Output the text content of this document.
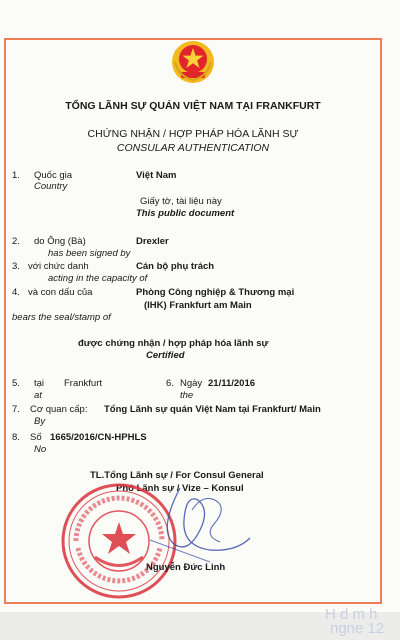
H d m h
ngne 12
TỔNG LÃNH SỰ QUÁN VIỆT NAM TẠI FRANKFURT
CHỨNG NHẬN / HỢP PHÁP HÓA LÃNH SỰ
CONSULAR AUTHENTICATION
1. Quốc gia
Country
Việt Nam
Giấy tờ, tài liệu này
This public document
2. do Ông (Bà)
has been signed by
Drexler
3. với chức danh
acting in the capacity of
Cán bộ phụ trách
4. và con dấu của
bears the seal/stamp of
Phòng Công nghiệp & Thương mại
(IHK) Frankfurt am Main
được chứng nhận / hợp pháp hóa lãnh sự
Certified
5. tại
at
Frankfurt	6. Ngày
the
21/11/2016
7. Cơ quan cấp:
By
Tổng Lãnh sự quán Việt Nam tại Frankfurt/ Main
8. Số
No
1665/2016/CN-HPHLS
TL.Tổng Lãnh sự / For Consul General
Phó Lãnh sự / Vize – Konsul
Nguyễn Đức Linh
